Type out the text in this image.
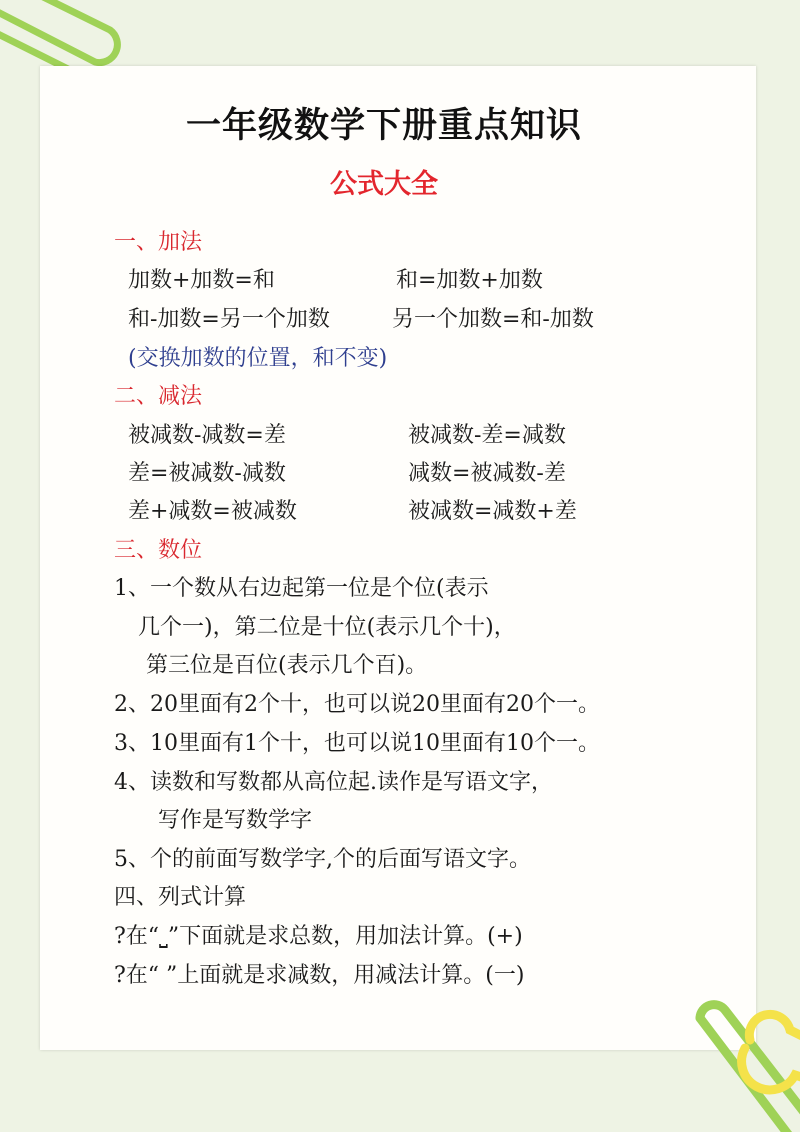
一年级数学下册重点知识
公式大全
一、加法
加数+加数=和	和=加数+加数
和-加数=另一个加数	另一个加数=和-加数
(交换加数的位置，和不变)
二、减法
被减数-减数=差	被减数-差=减数
差=被减数-减数	减数=被减数-差
差+减数=被减数	被减数=减数+差
三、数位
1、一个数从右边起第一位是个位(表示
几个一)，第二位是十位(表示几个十)，
第三位是百位(表示几个百)。
2、20里面有2个十，也可以说20里面有20个一。
3、10里面有1个十，也可以说10里面有10个一。
4、读数和写数都从高位起.读作是写语文字，
写作是写数学字
5、个的前面写数学字,个的后面写语文字。
四、列式计算
?在“⎵”下面就是求总数，用加法计算。(+)
?在“ ”上面就是求减数，用减法计算。(一)
